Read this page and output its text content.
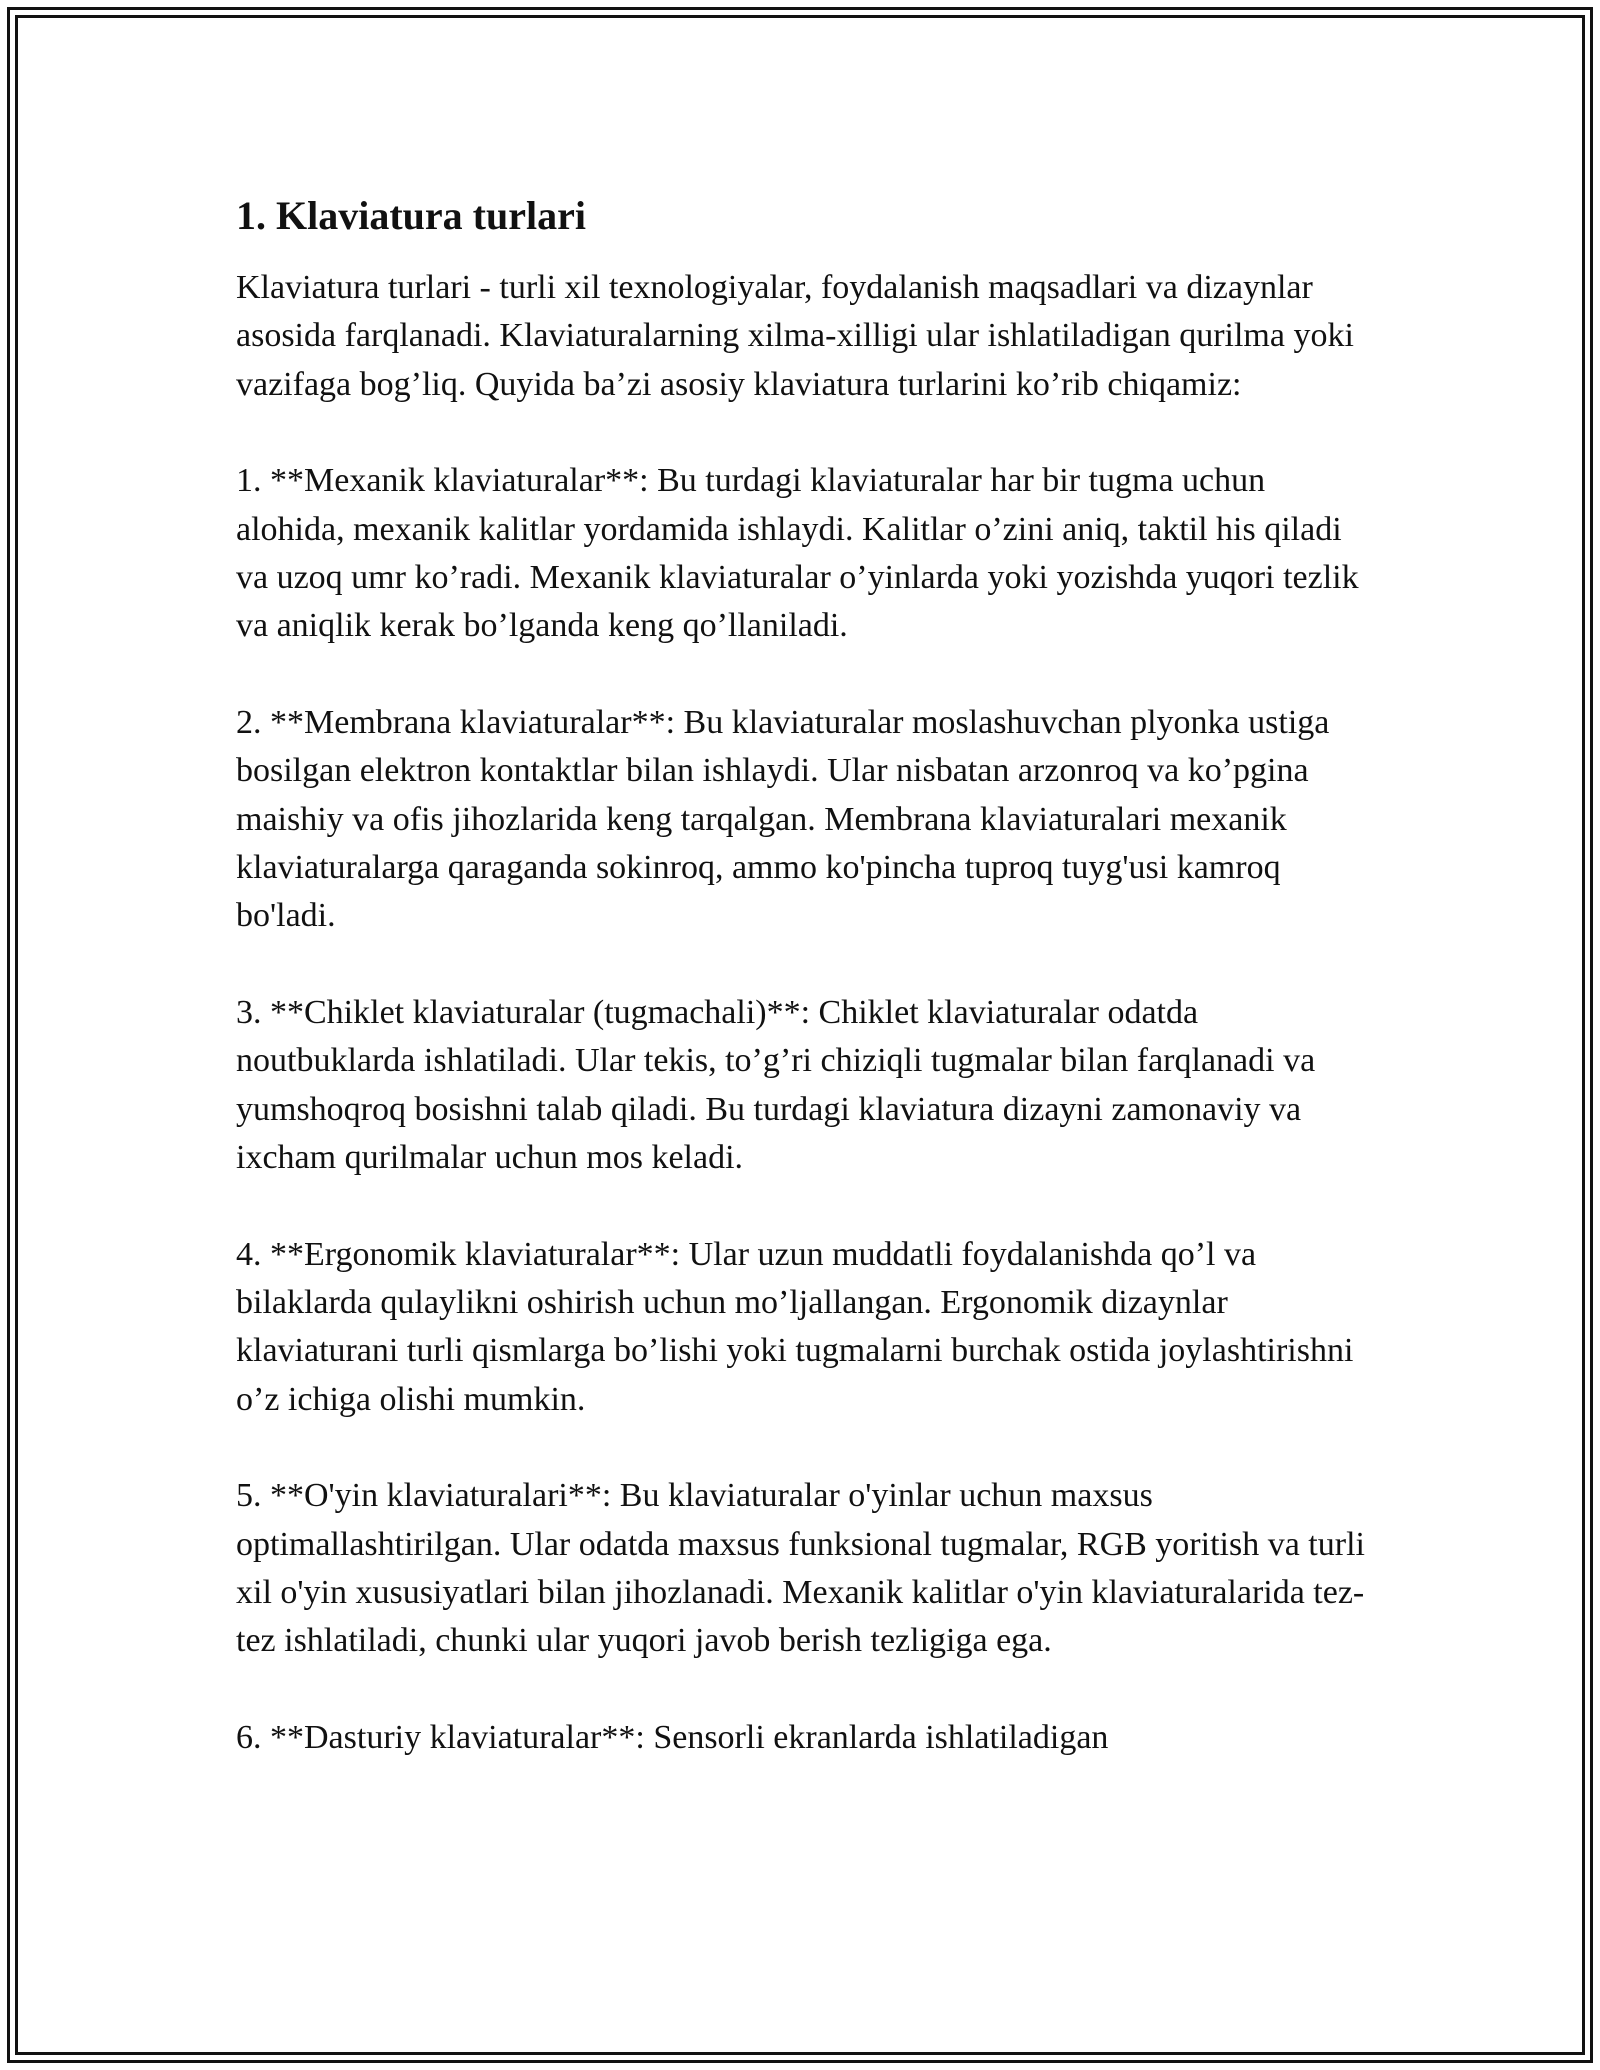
1. Klaviatura turlari

Klaviatura turlari - turli xil texnologiyalar, foydalanish maqsadlari va dizaynlar asosida farqlanadi. Klaviaturalarning xilma-xilligi ular ishlatiladigan qurilma yoki vazifaga bog’liq. Quyida ba’zi asosiy klaviatura turlarini ko’rib chiqamiz:

1. **Mexanik klaviaturalar**: Bu turdagi klaviaturalar har bir tugma uchun alohida, mexanik kalitlar yordamida ishlaydi. Kalitlar o’zini aniq, taktil his qiladi va uzoq umr ko’radi. Mexanik klaviaturalar o’yinlarda yoki yozishda yuqori tezlik va aniqlik kerak bo’lganda keng qo’llaniladi.

2. **Membrana klaviaturalar**: Bu klaviaturalar moslashuvchan plyonka ustiga bosilgan elektron kontaktlar bilan ishlaydi. Ular nisbatan arzonroq va ko’pgina maishiy va ofis jihozlarida keng tarqalgan. Membrana klaviaturalari mexanik klaviaturalarga qaraganda sokinroq, ammo ko'pincha tuproq tuyg'usi kamroq bo'ladi.

3. **Chiklet klaviaturalar (tugmachali)**: Chiklet klaviaturalar odatda noutbuklarda ishlatiladi. Ular tekis, to’g’ri chiziqli tugmalar bilan farqlanadi va yumshoqroq bosishni talab qiladi. Bu turdagi klaviatura dizayni zamonaviy va ixcham qurilmalar uchun mos keladi.

4. **Ergonomik klaviaturalar**: Ular uzun muddatli foydalanishda qo’l va bilaklarda qulaylikni oshirish uchun mo’ljallangan. Ergonomik dizaynlar klaviaturani turli qismlarga bo’lishi yoki tugmalarni burchak ostida joylashtirishni o’z ichiga olishi mumkin.

5. **O'yin klaviaturalari**: Bu klaviaturalar o'yinlar uchun maxsus optimallashtirilgan. Ular odatda maxsus funksional tugmalar, RGB yoritish va turli xil o'yin xususiyatlari bilan jihozlanadi. Mexanik kalitlar o'yin klaviaturalarida tez-tez ishlatiladi, chunki ular yuqori javob berish tezligiga ega.

6. **Dasturiy klaviaturalar**: Sensorli ekranlarda ishlatiladigan
